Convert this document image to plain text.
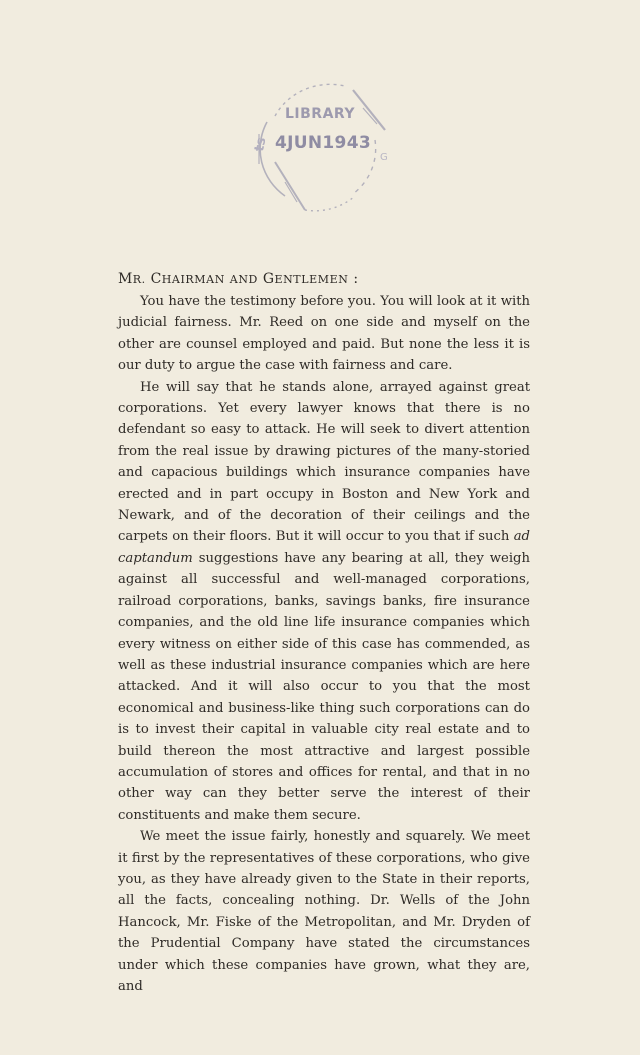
ts
G
LIBRARY
4JUN1943

MR. CHAIRMAN AND GENTLEMEN :

You have the testimony before you. You will look at it with judicial fairness. Mr. Reed on one side and myself on the other are counsel employed and paid. But none the less it is our duty to argue the case with fairness and care.

He will say that he stands alone, arrayed against great corporations. Yet every lawyer knows that there is no defendant so easy to attack. He will seek to divert attention from the real issue by drawing pictures of the many-storied and capacious buildings which insurance companies have erected and in part occupy in Boston and New York and Newark, and of the decoration of their ceilings and the carpets on their floors. But it will occur to you that if such ad captandum suggestions have any bearing at all, they weigh against all successful and well-managed corporations, railroad corporations, banks, savings banks, fire insurance companies, and the old line life insurance companies which every witness on either side of this case has commended, as well as these industrial insurance companies which are here attacked. And it will also occur to you that the most economical and business-like thing such corporations can do is to invest their capital in valuable city real estate and to build thereon the most attractive and largest possible accumulation of stores and offices for rental, and that in no other way can they better serve the interest of their constituents and make them secure.

We meet the issue fairly, honestly and squarely. We meet it first by the representatives of these corporations, who give you, as they have already given to the State in their reports, all the facts, concealing nothing. Dr. Wells of the John Hancock, Mr. Fiske of the Metropolitan, and Mr. Dryden of the Prudential Company have stated the circumstances under which these companies have grown, what they are, and
